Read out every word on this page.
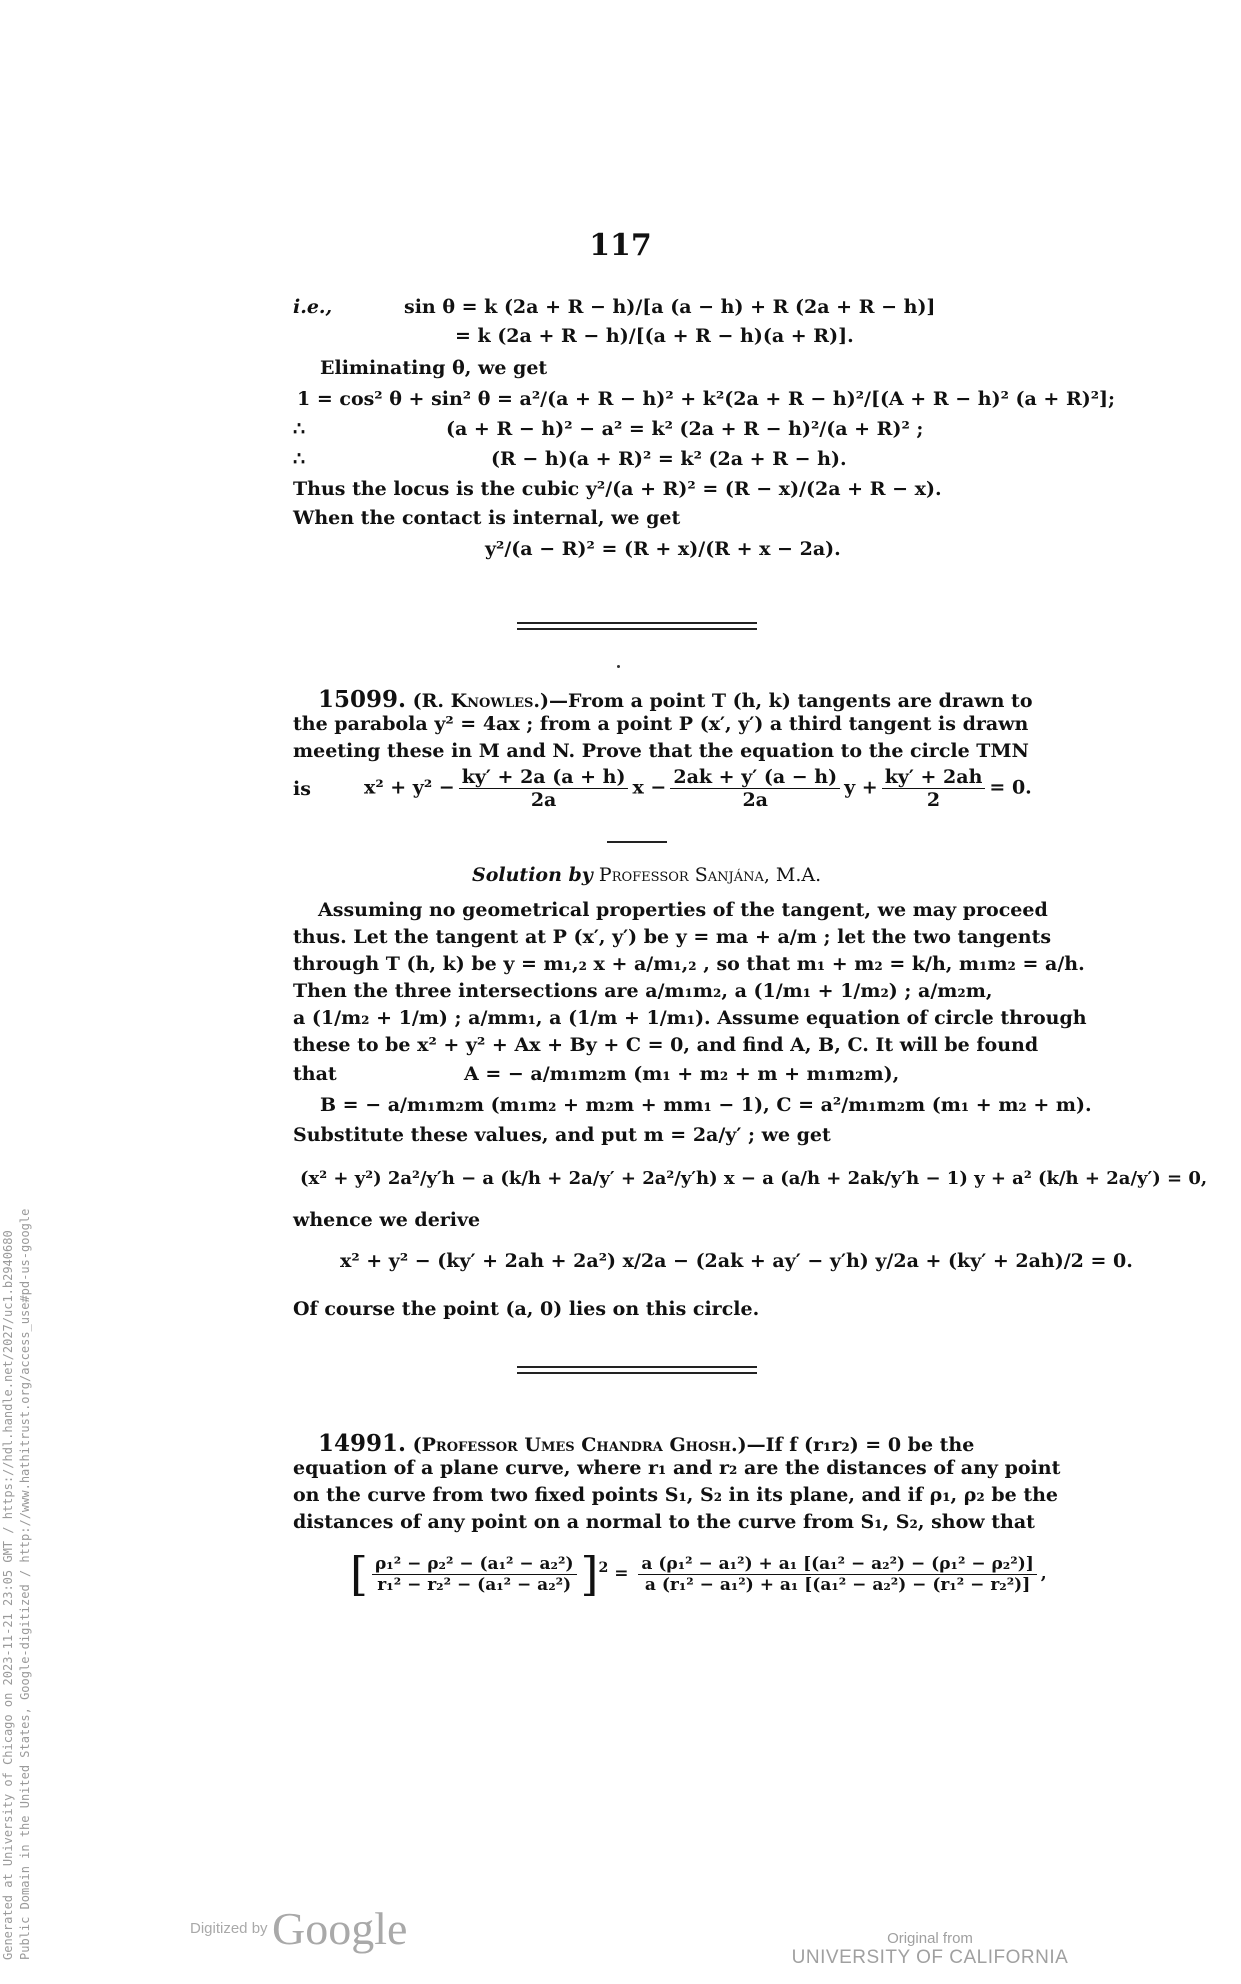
117
i.e.,	sin θ = k (2a + R − h)/[a (a − h) + R (2a + R − h)]
= k (2a + R − h)/[(a + R − h)(a + R)].
Eliminating θ, we get
1 = cos² θ + sin² θ = a²/(a + R − h)² + k²(2a + R − h)²/[(A + R − h)² (a + R)²];
∴	(a + R − h)² − a² = k² (2a + R − h)²/(a + R)² ;
∴	(R − h)(a + R)² = k² (2a + R − h).
Thus the locus is the cubic y²/(a + R)² = (R − x)/(2a + R − x).
When the contact is internal, we get
y²/(a − R)² = (R + x)/(R + x − 2a).
15099. (R. Knowles.)—From a point T (h, k) tangents are drawn to
the parabola y² = 4ax ; from a point P (x′, y′) a third tangent is drawn
meeting these in M and N. Prove that the equation to the circle TMN
is	$x^2 + y^2 - \frac{ky' + 2a (a + h)}{2a}$ $x - \frac{2ak + y' (a - h)}{2a}$ $y + \frac{ky' + 2ah}{2} = 0$.
Solution by Professor Sanjána, M.A.
Assuming no geometrical properties of the tangent, we may proceed
thus. Let the tangent at P (x′, y′) be y = ma + a/m ; let the two tangents
through T (h, k) be y = m₁,₂ x + a/m₁,₂ , so that m₁ + m₂ = k/h, m₁m₂ = a/h.
Then the three intersections are a/m₁m₂, a (1/m₁ + 1/m₂) ; a/m₂m,
a (1/m₂ + 1/m) ; a/mm₁, a (1/m + 1/m₁). Assume equation of circle through
these to be x² + y² + Ax + By + C = 0, and find A, B, C. It will be found
that	A = − a/m₁m₂m (m₁ + m₂ + m + m₁m₂m),
B = − a/m₁m₂m (m₁m₂ + m₂m + mm₁ − 1), C = a²/m₁m₂m (m₁ + m₂ + m).
Substitute these values, and put m = 2a/y′ ; we get
(x² + y²) 2a²/y′h − a (k/h + 2a/y′ + 2a²/y′h) x − a (a/h + 2ak/y′h − 1) y + a² (k/h + 2a/y′) = 0,
whence we derive
x² + y² − (ky′ + 2ah + 2a²) x/2a − (2ak + ay′ − y′h) y/2a + (ky′ + 2ah)/2 = 0.
Of course the point (a, 0) lies on this circle.
14991. (Professor Umes Chandra Ghosh.)—If f (r₁r₂) = 0 be the
equation of a plane curve, where r₁ and r₂ are the distances of any point
on the curve from two fixed points S₁, S₂ in its plane, and if ρ₁, ρ₂ be the
distances of any point on a normal to the curve from S₁, S₂, show that
[ $\frac{\text{ρ₁² − ρ₂² − (a₁² − a₂²)}}{\text{r₁² − r₂² − (a₁² − a₂²)}} ]^2 = \frac{\text{a (ρ₁² − a₁²) + a₁ [(a₁² − a₂²) − (ρ₁² − ρ₂²)]}}{\text{a (r₁² − a₁²) + a₁ [(a₁² − a₂²) − (r₁² − r₂²)]}}$ ,
Generated at University of Chicago on 2023-11-21 23:05 GMT / https://hdl.handle.net/2027/uc1.b2940680 Public Domain in the United States, Google-digitized / http://www.hathitrust.org/access_use#pd-us-google	Digitized by Google	Original from
UNIVERSITY OF CALIFORNIA
